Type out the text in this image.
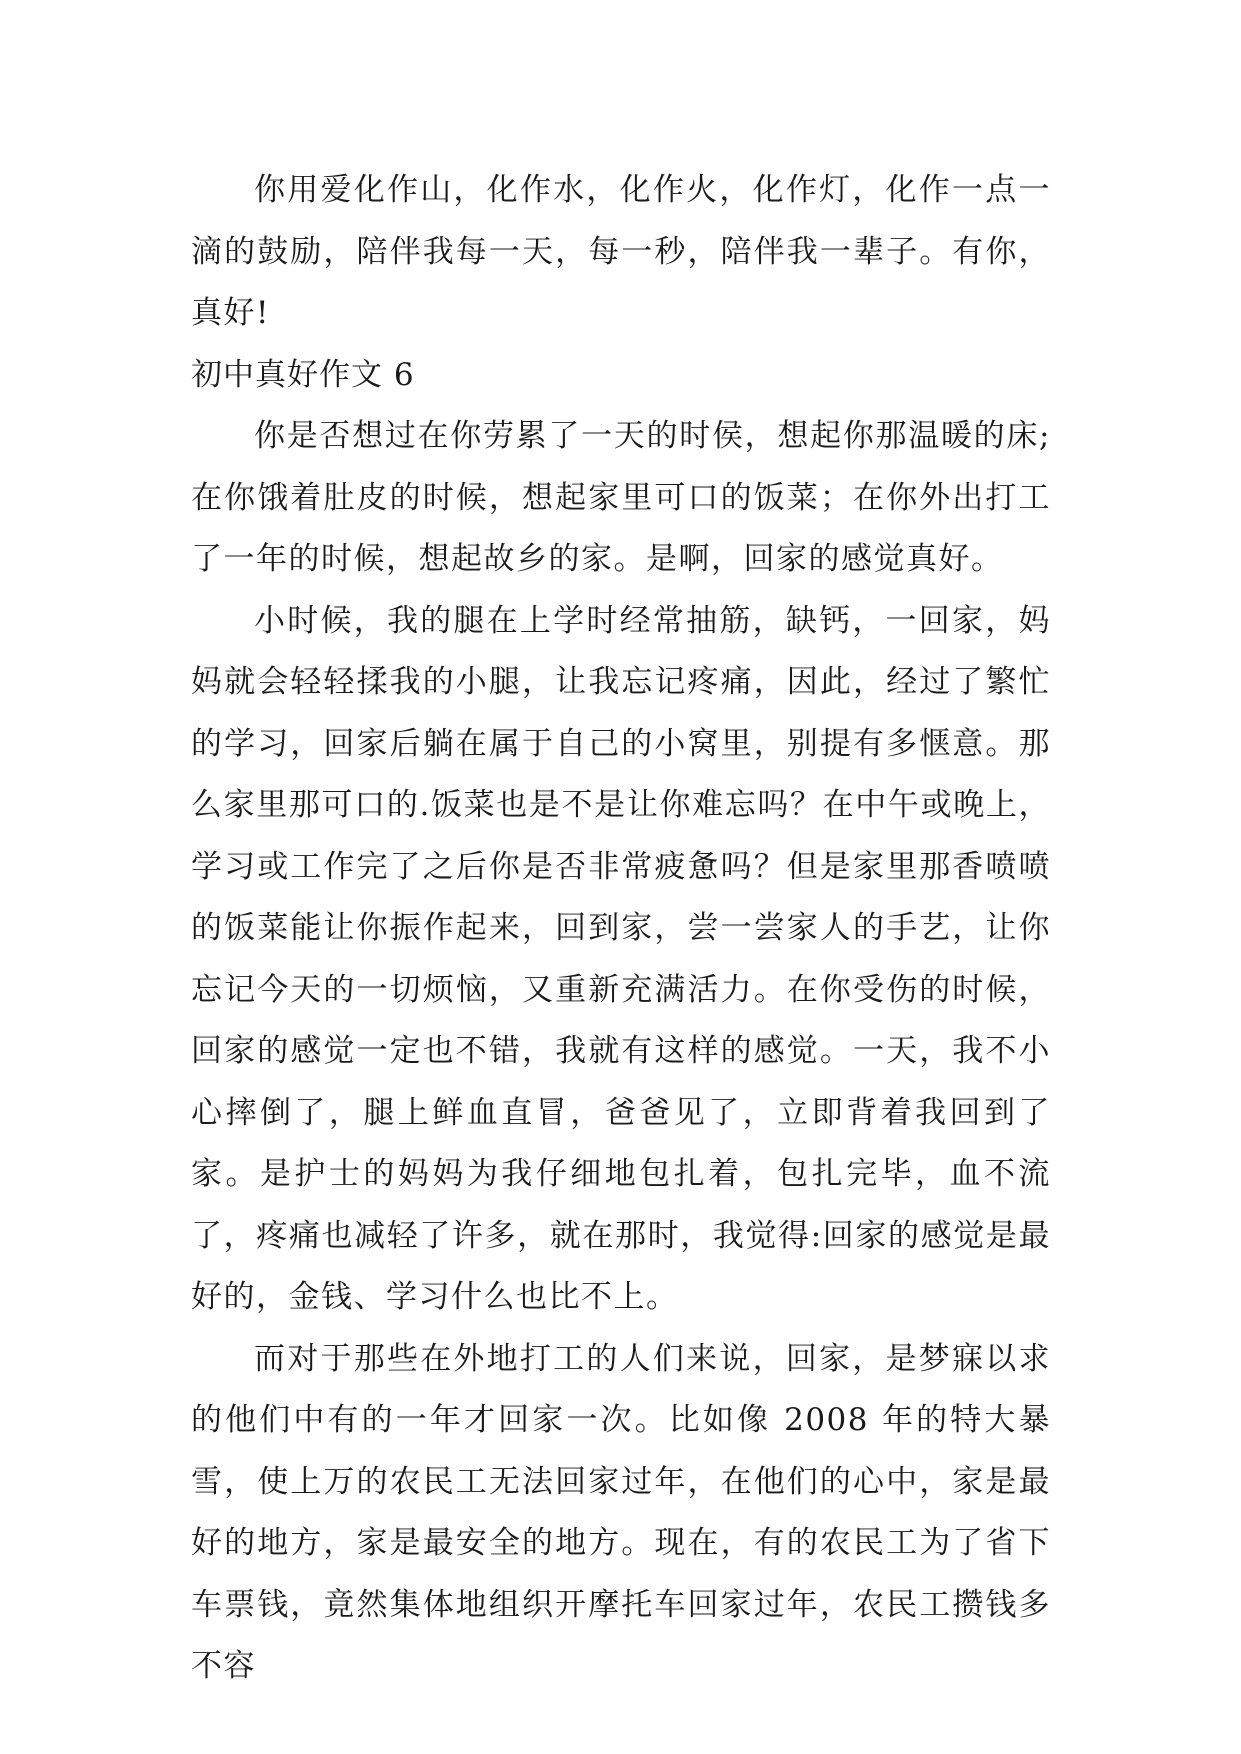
你用爱化作山，化作水，化作火，化作灯，化作一点一滴的鼓励，陪伴我每一天，每一秒，陪伴我一辈子。有你，真好!

初中真好作文 6

你是否想过在你劳累了一天的时侯，想起你那温暖的床;在你饿着肚皮的时候，想起家里可口的饭菜；在你外出打工了一年的时候，想起故乡的家。是啊，回家的感觉真好。

小时候，我的腿在上学时经常抽筋，缺钙，一回家，妈妈就会轻轻揉我的小腿，让我忘记疼痛，因此，经过了繁忙的学习，回家后躺在属于自己的小窝里，别提有多惬意。那么家里那可口的.饭菜也是不是让你难忘吗？在中午或晚上，学习或工作完了之后你是否非常疲惫吗？但是家里那香喷喷的饭菜能让你振作起来，回到家，尝一尝家人的手艺，让你忘记今天的一切烦恼，又重新充满活力。在你受伤的时候，回家的感觉一定也不错，我就有这样的感觉。一天，我不小心摔倒了，腿上鲜血直冒，爸爸见了，立即背着我回到了家。是护士的妈妈为我仔细地包扎着，包扎完毕，血不流了，疼痛也减轻了许多，就在那时，我觉得:回家的感觉是最好的，金钱、学习什么也比不上。

而对于那些在外地打工的人们来说，回家，是梦寐以求的他们中有的一年才回家一次。比如像 2008 年的特大暴雪，使上万的农民工无法回家过年，在他们的心中，家是最好的地方，家是最安全的地方。现在，有的农民工为了省下车票钱，竟然集体地组织开摩托车回家过年，农民工攒钱多不容
